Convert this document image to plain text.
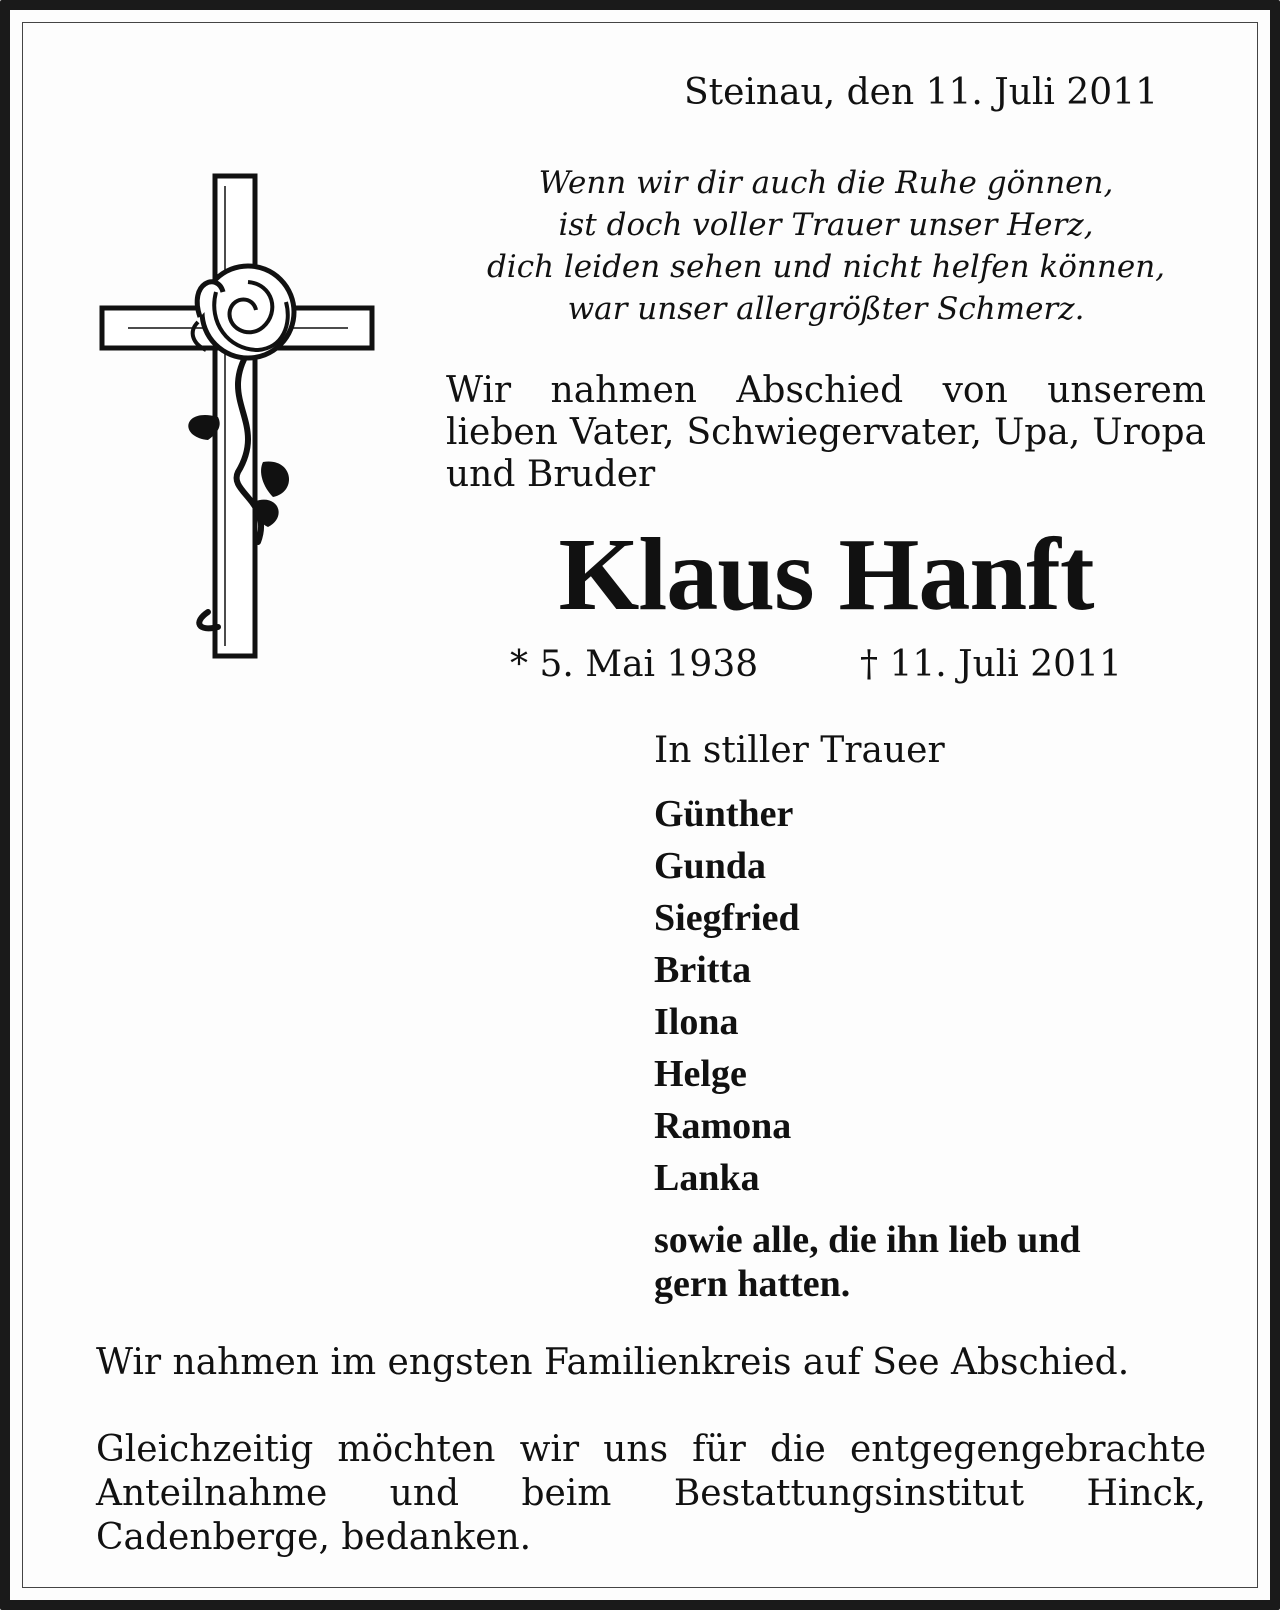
Steinau, den 11. Juli 2011
Wenn wir dir auch die Ruhe gönnen,
ist doch voller Trauer unser Herz,
dich leiden sehen und nicht helfen können,
war unser allergrößter Schmerz.
Wir nahmen Abschied von unserem lieben Vater, Schwiegervater, Upa, Uropa und Bruder
Klaus Hanft
* 5. Mai 1938	† 11. Juli 2011
In stiller Trauer
Günther
Gunda
Siegfried
Britta
Ilona
Helge
Ramona
Lanka
sowie alle, die ihn lieb und gern hatten.
Wir nahmen im engsten Familienkreis auf See Abschied.
Gleichzeitig möchten wir uns für die entgegengebrachte Anteilnahme und beim Bestattungsinstitut Hinck, Cadenberge, bedanken.
